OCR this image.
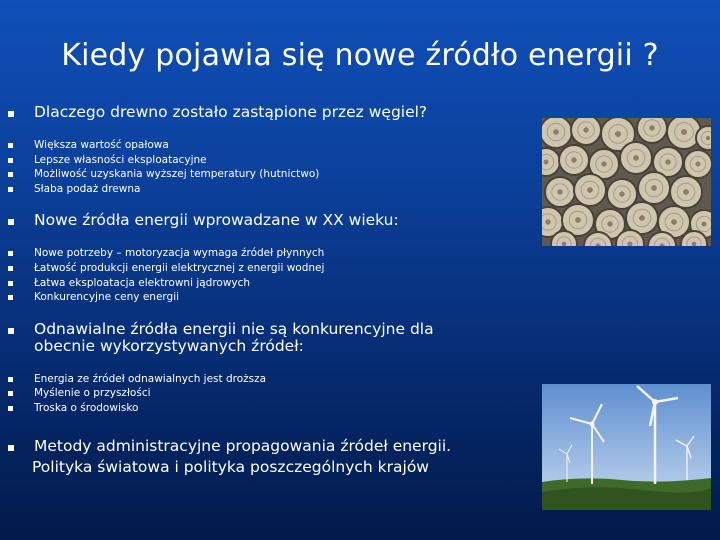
Kiedy pojawia się nowe źródło energii ?
Dlaczego drewno zostało zastąpione przez węgiel?
Większa wartość opałowa
Lepsze własności eksploatacyjne
Możliwość uzyskania wyższej temperatury (hutnictwo)
Słaba podaż drewna
Nowe źródła energii wprowadzane w XX wieku:
Nowe potrzeby – motoryzacja wymaga źródeł płynnych
Łatwość produkcji energii elektrycznej z energii wodnej
Łatwa eksploatacja elektrowni jądrowych
Konkurencyjne ceny energii
Odnawialne źródła energii nie są konkurencyjne dla
obecnie wykorzystywanych źródeł:
Energia ze źródeł odnawialnych jest droższa
Myślenie o przyszłości
Troska o środowisko
Metody administracyjne propagowania źródeł energii.
Polityka światowa i polityka poszczególnych krajów
